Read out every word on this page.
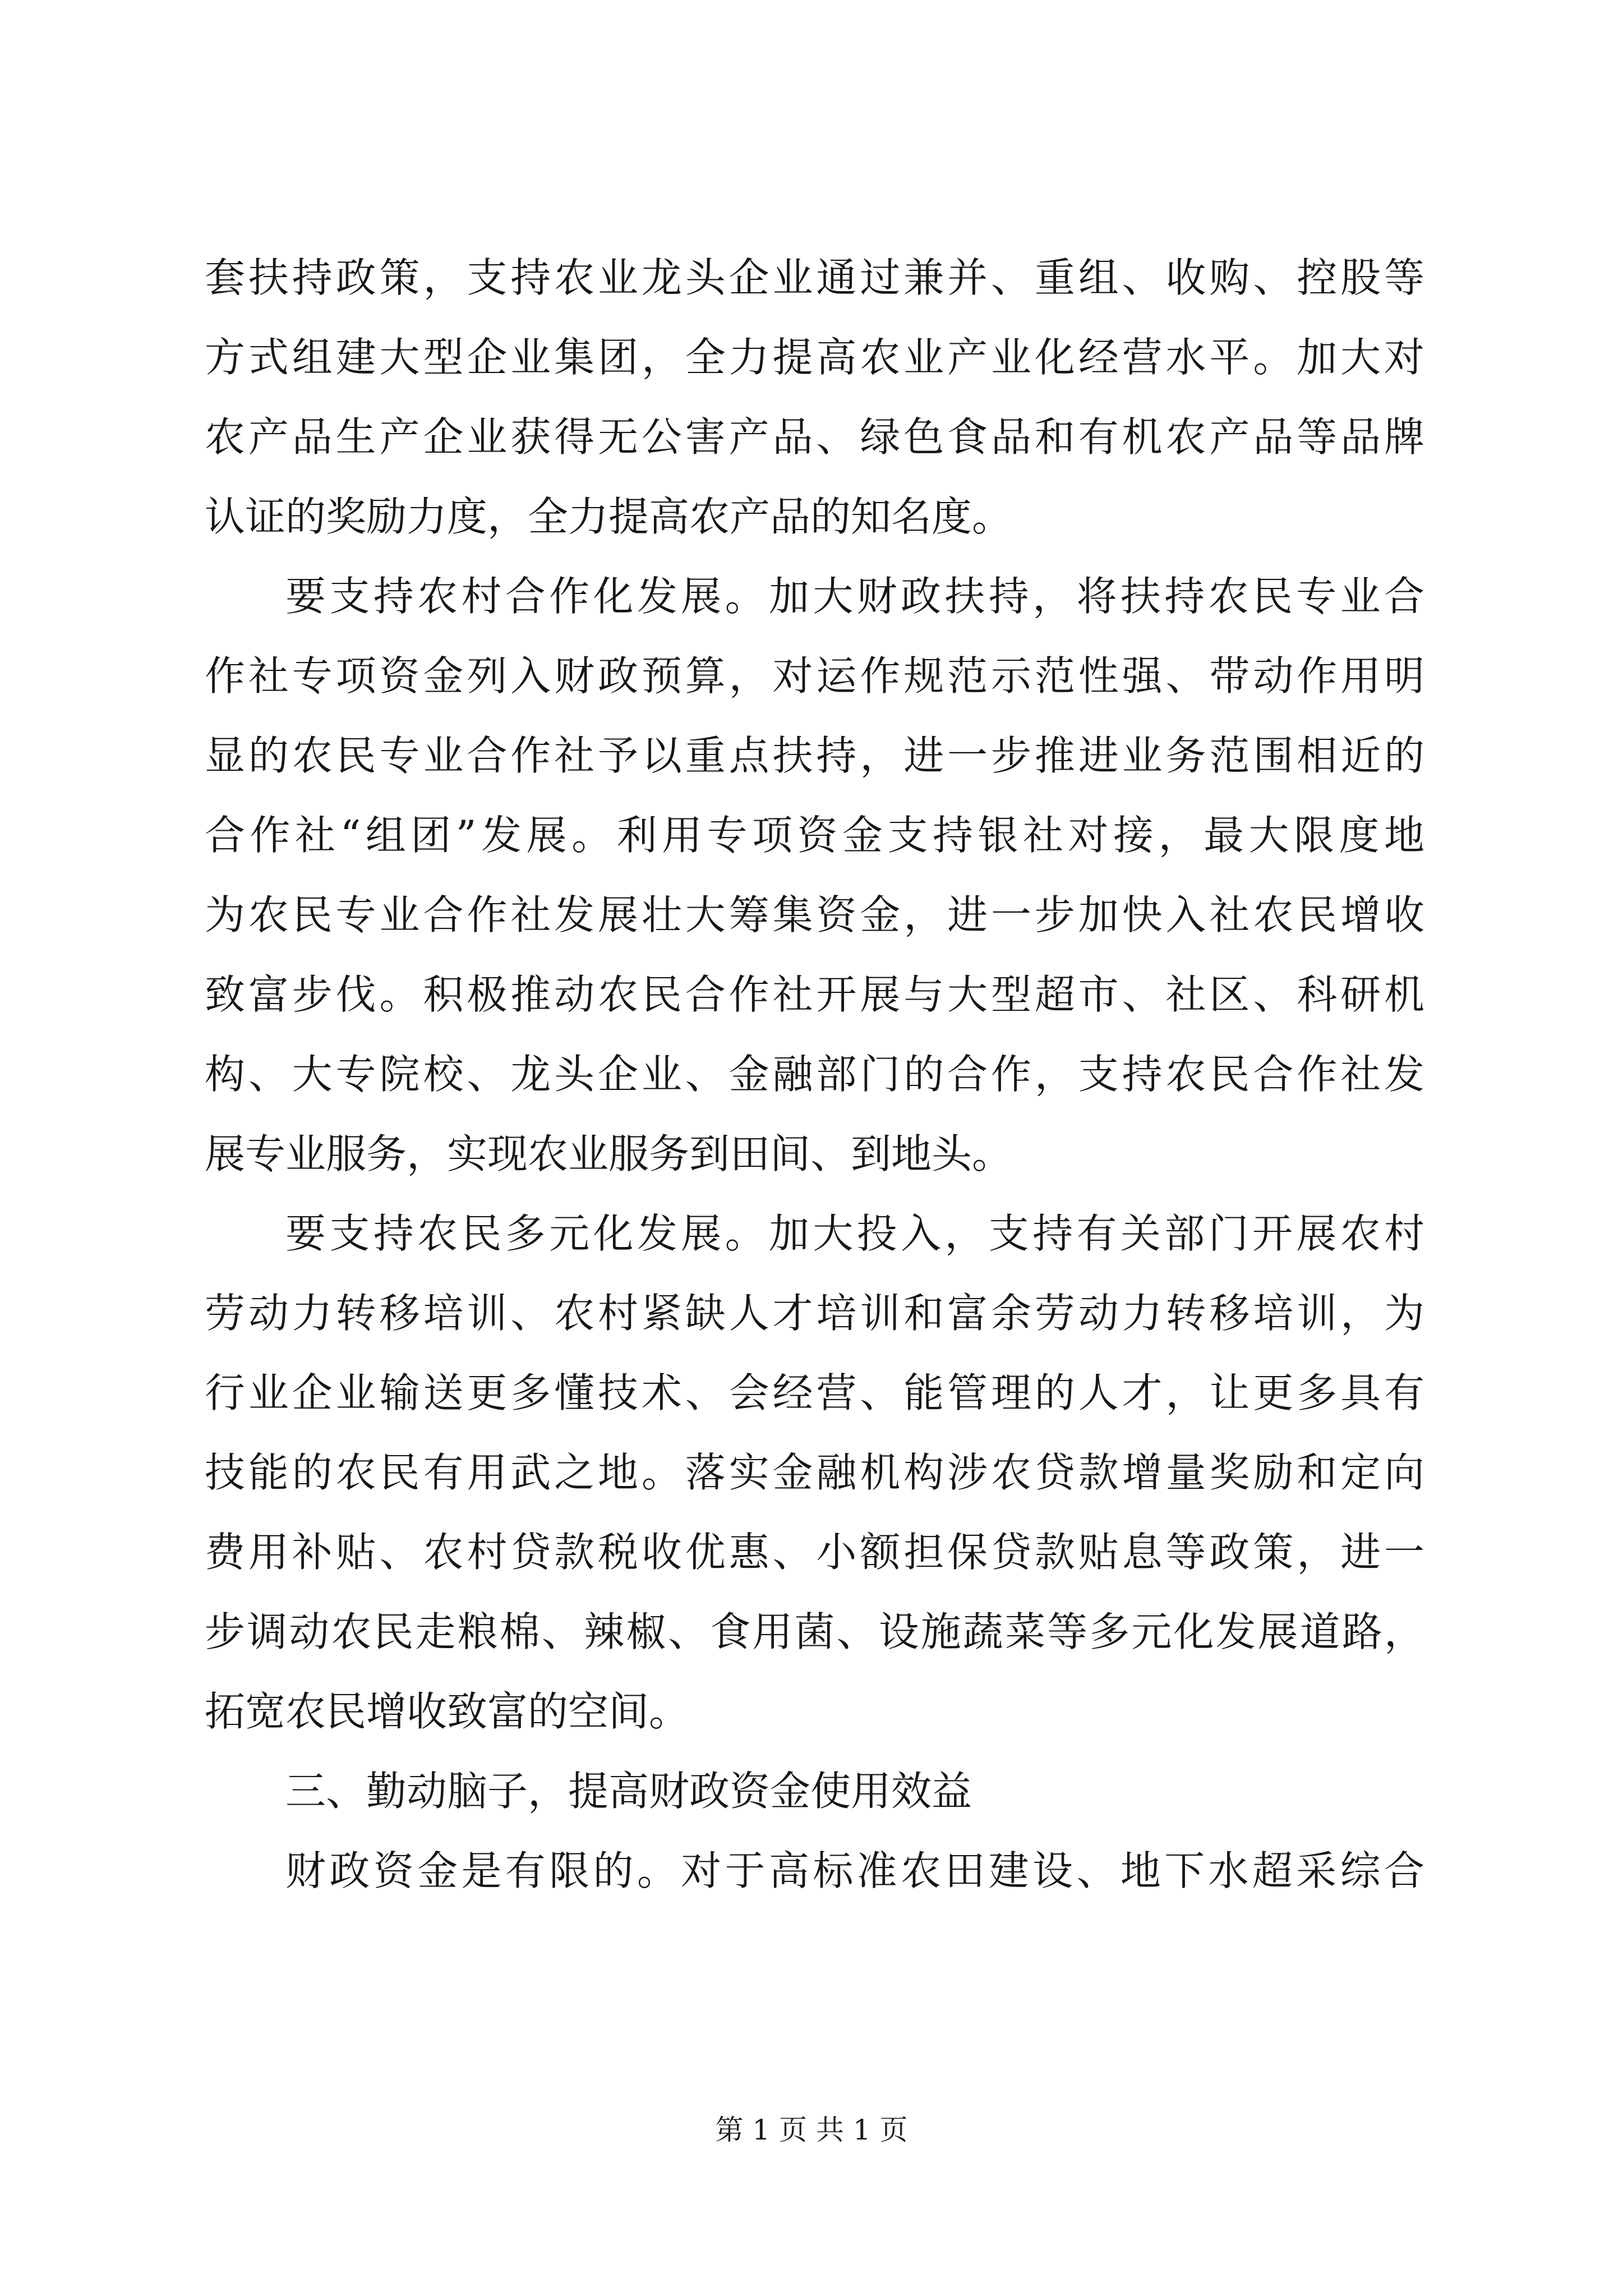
套扶持政策，支持农业龙头企业通过兼并、重组、收购、控股等
方式组建大型企业集团，全力提高农业产业化经营水平。加大对
农产品生产企业获得无公害产品、绿色食品和有机农产品等品牌
认证的奖励力度，全力提高农产品的知名度。
要支持农村合作化发展。加大财政扶持，将扶持农民专业合
作社专项资金列入财政预算，对运作规范示范性强、带动作用明
显的农民专业合作社予以重点扶持，进一步推进业务范围相近的
合作社“组团”发展。利用专项资金支持银社对接，最大限度地
为农民专业合作社发展壮大筹集资金，进一步加快入社农民增收
致富步伐。积极推动农民合作社开展与大型超市、社区、科研机
构、大专院校、龙头企业、金融部门的合作，支持农民合作社发
展专业服务，实现农业服务到田间、到地头。
要支持农民多元化发展。加大投入，支持有关部门开展农村
劳动力转移培训、农村紧缺人才培训和富余劳动力转移培训，为
行业企业输送更多懂技术、会经营、能管理的人才，让更多具有
技能的农民有用武之地。落实金融机构涉农贷款增量奖励和定向
费用补贴、农村贷款税收优惠、小额担保贷款贴息等政策，进一
步调动农民走粮棉、辣椒、食用菌、设施蔬菜等多元化发展道路，
拓宽农民增收致富的空间。
三、勤动脑子，提高财政资金使用效益
财政资金是有限的。对于高标准农田建设、地下水超采综合
第 1 页 共 1 页
